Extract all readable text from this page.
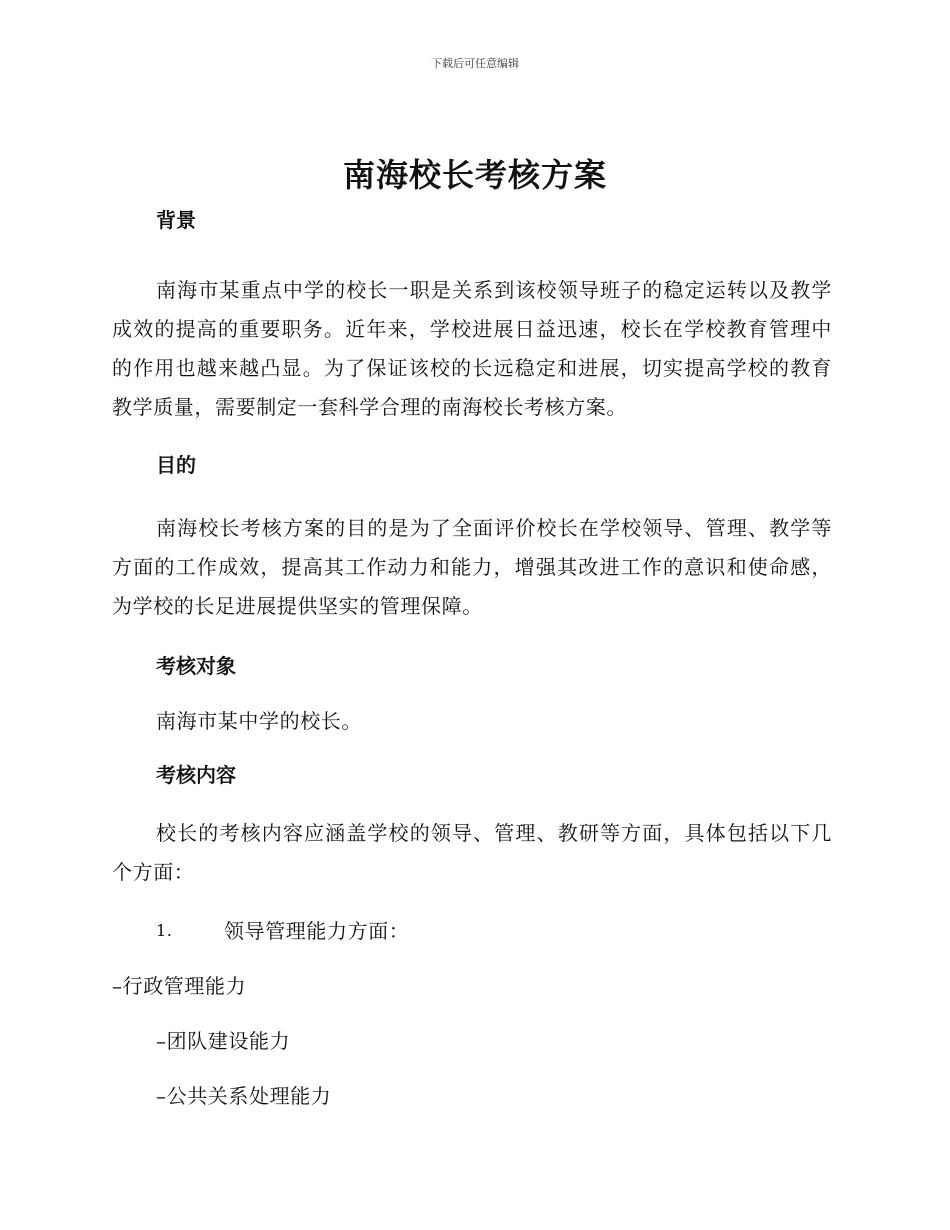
下载后可任意编辑
南海校长考核方案

背景

南海市某重点中学的校长一职是关系到该校领导班子的稳定运转以及教学成效的提高的重要职务。近年来，学校进展日益迅速，校长在学校教育管理中的作用也越来越凸显。为了保证该校的长远稳定和进展，切实提高学校的教育教学质量，需要制定一套科学合理的南海校长考核方案。

目的

南海校长考核方案的目的是为了全面评价校长在学校领导、管理、教学等方面的工作成效，提高其工作动力和能力，增强其改进工作的意识和使命感，为学校的长足进展提供坚实的管理保障。

考核对象

南海市某中学的校长。

考核内容

校长的考核内容应涵盖学校的领导、管理、教研等方面，具体包括以下几个方面：

1.	领导管理能力方面：

–行政管理能力

–团队建设能力

–公共关系处理能力
